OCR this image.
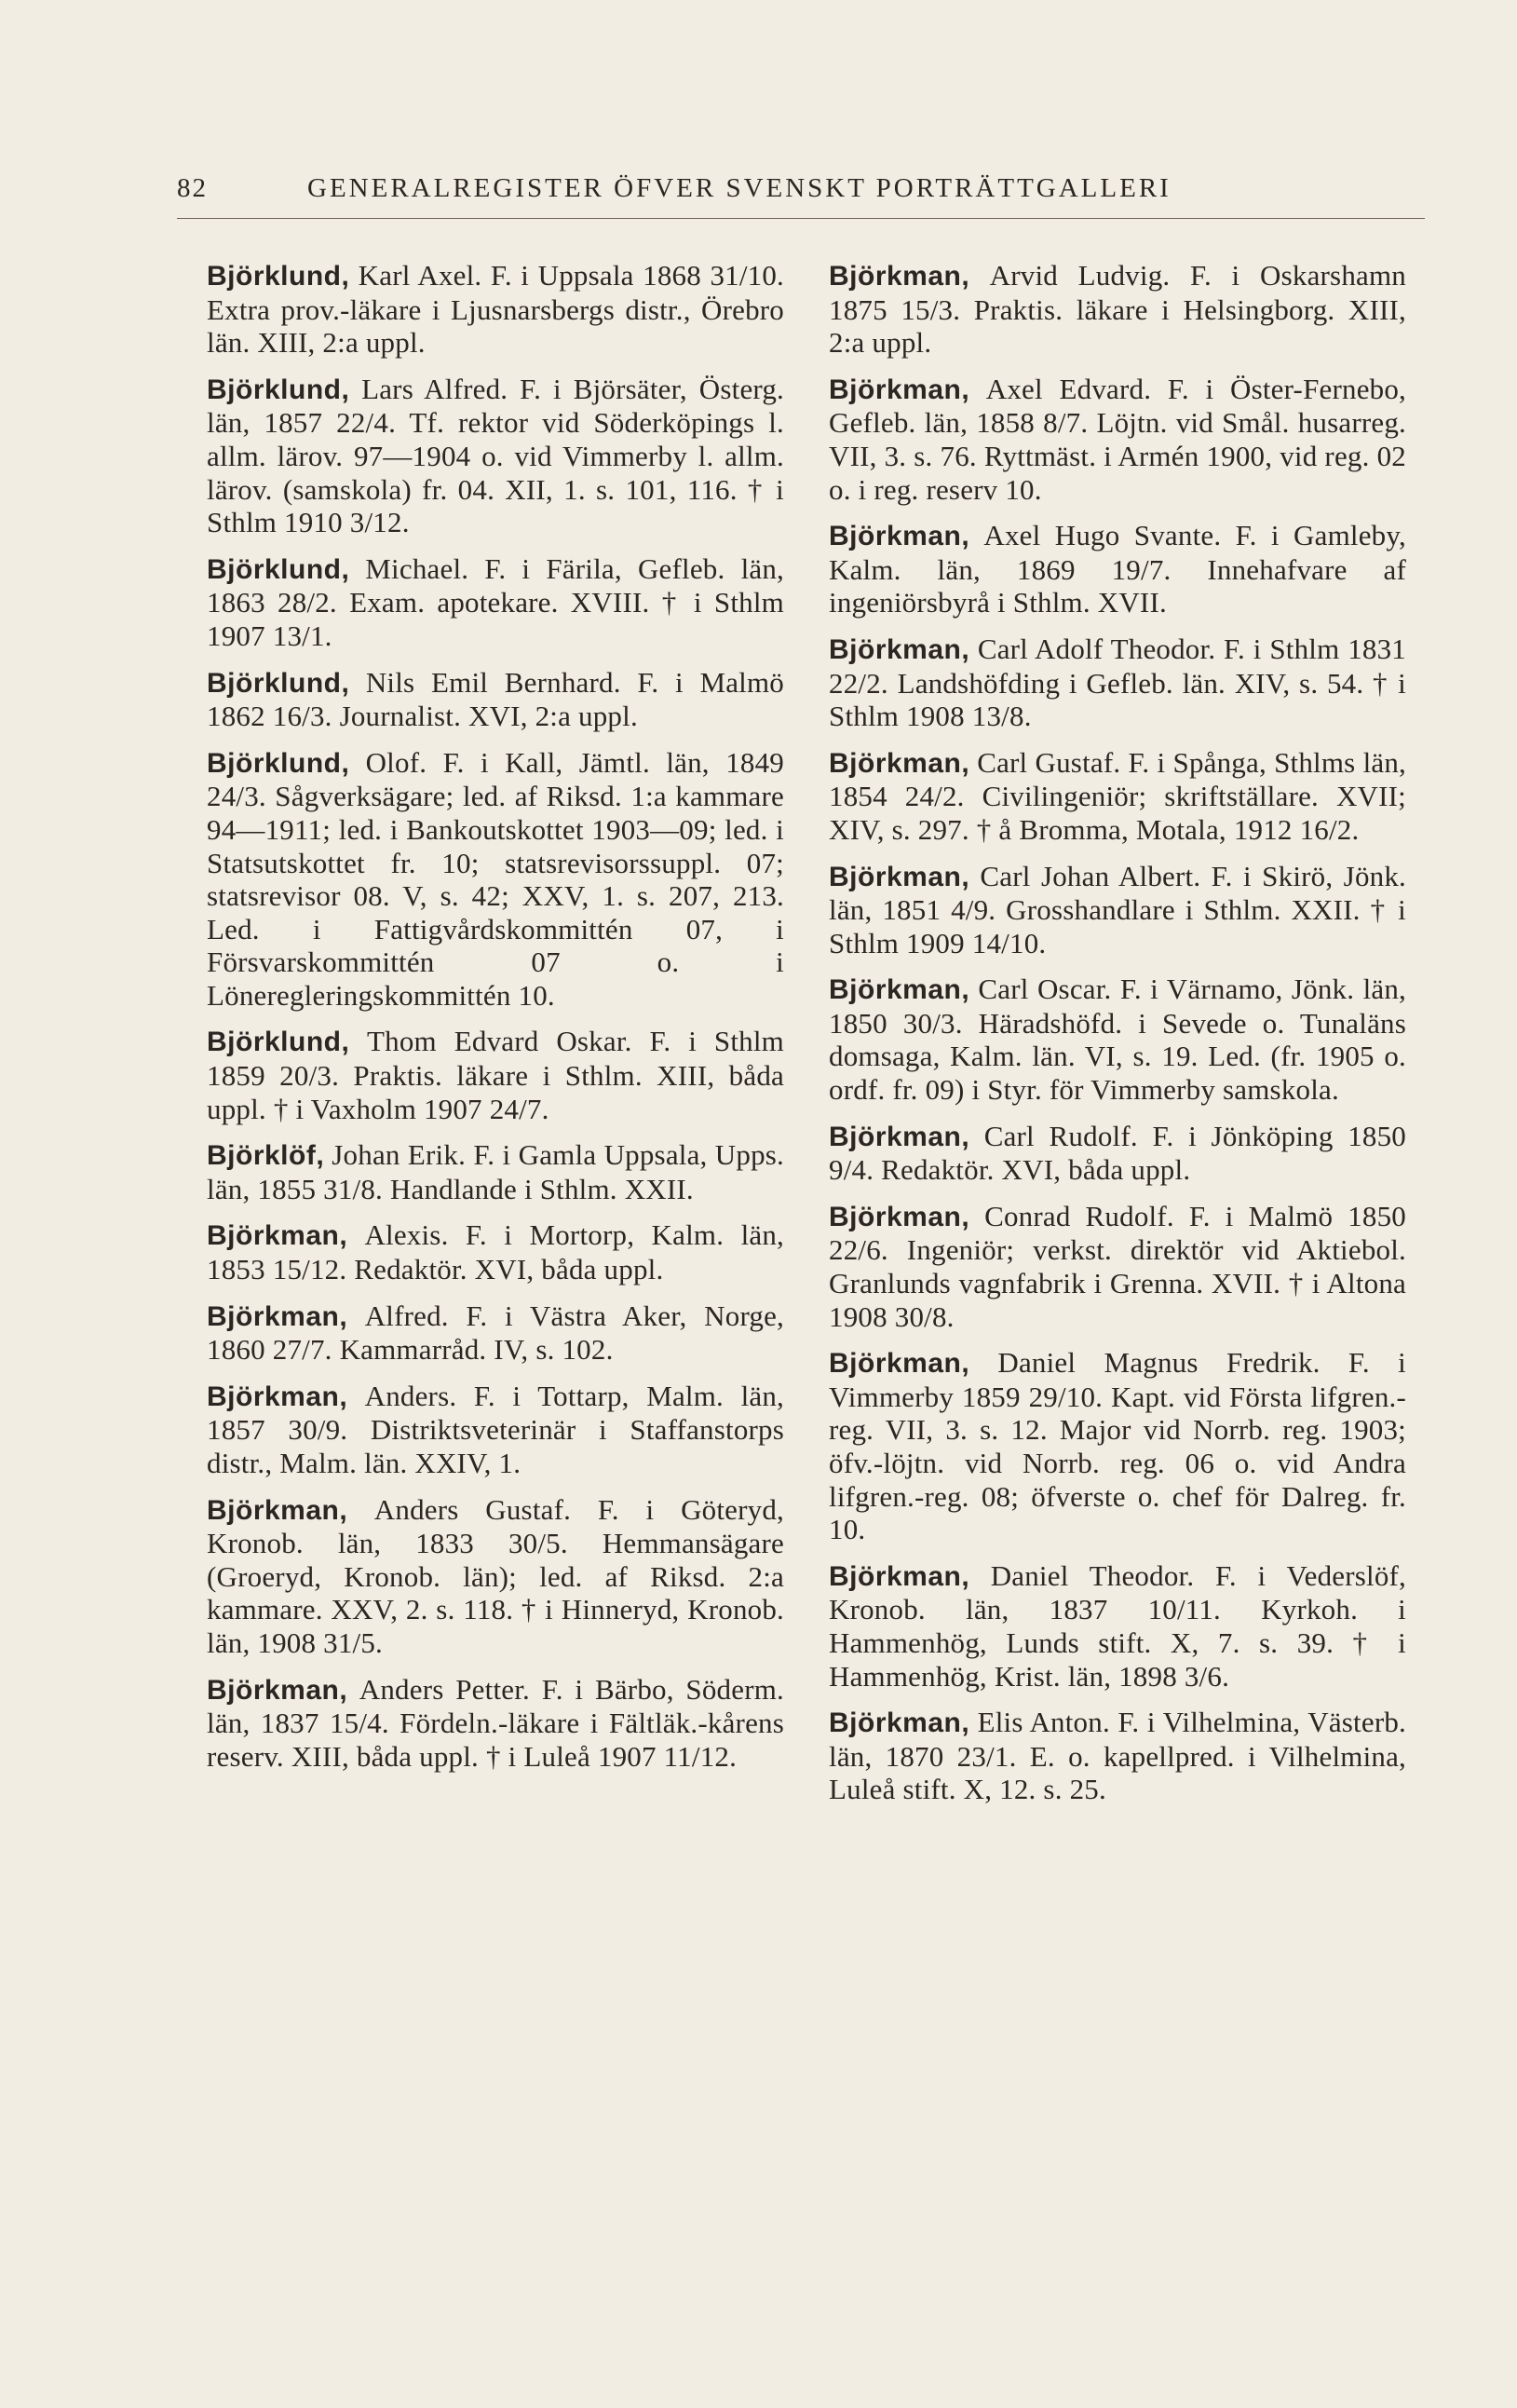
82	GENERALREGISTER ÖFVER SVENSKT PORTRÄTTGALLERI

Björklund, Karl Axel. F. i Uppsala 1868 31/10. Extra prov.-läkare i Ljusnarsbergs distr., Örebro län. XIII, 2:a uppl.

Björklund, Lars Alfred. F. i Björsäter, Österg. län, 1857 22/4. Tf. rektor vid Söderköpings l. allm. lärov. 97—1904 o. vid Vimmerby l. allm. lärov. (samskola) fr. 04. XII, 1. s. 101, 116. † i Sthlm 1910 3/12.

Björklund, Michael. F. i Färila, Gefleb. län, 1863 28/2. Exam. apotekare. XVIII. † i Sthlm 1907 13/1.

Björklund, Nils Emil Bernhard. F. i Malmö 1862 16/3. Journalist. XVI, 2:a uppl.

Björklund, Olof. F. i Kall, Jämtl. län, 1849 24/3. Sågverksägare; led. af Riksd. 1:a kammare 94—1911; led. i Bankoutskottet 1903—09; led. i Statsutskottet fr. 10; statsrevisorssuppl. 07; statsrevisor 08. V, s. 42; XXV, 1. s. 207, 213. Led. i Fattigvårdskommittén 07, i Försvarskommittén 07 o. i Löneregleringskommittén 10.

Björklund, Thom Edvard Oskar. F. i Sthlm 1859 20/3. Praktis. läkare i Sthlm. XIII, båda uppl. † i Vaxholm 1907 24/7.

Björklöf, Johan Erik. F. i Gamla Uppsala, Upps. län, 1855 31/8. Handlande i Sthlm. XXII.

Björkman, Alexis. F. i Mortorp, Kalm. län, 1853 15/12. Redaktör. XVI, båda uppl.

Björkman, Alfred. F. i Västra Aker, Norge, 1860 27/7. Kammarråd. IV, s. 102.

Björkman, Anders. F. i Tottarp, Malm. län, 1857 30/9. Distriktsveterinär i Staffanstorps distr., Malm. län. XXIV, 1.

Björkman, Anders Gustaf. F. i Göteryd, Kronob. län, 1833 30/5. Hemmansägare (Groeryd, Kronob. län); led. af Riksd. 2:a kammare. XXV, 2. s. 118. † i Hinneryd, Kronob. län, 1908 31/5.

Björkman, Anders Petter. F. i Bärbo, Söderm. län, 1837 15/4. Fördeln.-läkare i Fältläk.-kårens reserv. XIII, båda uppl. † i Luleå 1907 11/12.

Björkman, Arvid Ludvig. F. i Oskarshamn 1875 15/3. Praktis. läkare i Helsingborg. XIII, 2:a uppl.

Björkman, Axel Edvard. F. i Öster-Fernebo, Gefleb. län, 1858 8/7. Löjtn. vid Smål. husarreg. VII, 3. s. 76. Ryttmäst. i Armén 1900, vid reg. 02 o. i reg. reserv 10.

Björkman, Axel Hugo Svante. F. i Gamleby, Kalm. län, 1869 19/7. Innehafvare af ingeniörsbyrå i Sthlm. XVII.

Björkman, Carl Adolf Theodor. F. i Sthlm 1831 22/2. Landshöfding i Gefleb. län. XIV, s. 54. † i Sthlm 1908 13/8.

Björkman, Carl Gustaf. F. i Spånga, Sthlms län, 1854 24/2. Civilingeniör; skriftställare. XVII; XIV, s. 297. † å Bromma, Motala, 1912 16/2.

Björkman, Carl Johan Albert. F. i Skirö, Jönk. län, 1851 4/9. Grosshandlare i Sthlm. XXII. † i Sthlm 1909 14/10.

Björkman, Carl Oscar. F. i Värnamo, Jönk. län, 1850 30/3. Häradshöfd. i Sevede o. Tunaläns domsaga, Kalm. län. VI, s. 19. Led. (fr. 1905 o. ordf. fr. 09) i Styr. för Vimmerby samskola.

Björkman, Carl Rudolf. F. i Jönköping 1850 9/4. Redaktör. XVI, båda uppl.

Björkman, Conrad Rudolf. F. i Malmö 1850 22/6. Ingeniör; verkst. direktör vid Aktiebol. Granlunds vagnfabrik i Grenna. XVII. † i Altona 1908 30/8.

Björkman, Daniel Magnus Fredrik. F. i Vimmerby 1859 29/10. Kapt. vid Första lifgren.-reg. VII, 3. s. 12. Major vid Norrb. reg. 1903; öfv.-löjtn. vid Norrb. reg. 06 o. vid Andra lifgren.-reg. 08; öfverste o. chef för Dalreg. fr. 10.

Björkman, Daniel Theodor. F. i Vederslöf, Kronob. län, 1837 10/11. Kyrkoh. i Hammenhög, Lunds stift. X, 7. s. 39. † i Hammenhög, Krist. län, 1898 3/6.

Björkman, Elis Anton. F. i Vilhelmina, Västerb. län, 1870 23/1. E. o. kapellpred. i Vilhelmina, Luleå stift. X, 12. s. 25.
